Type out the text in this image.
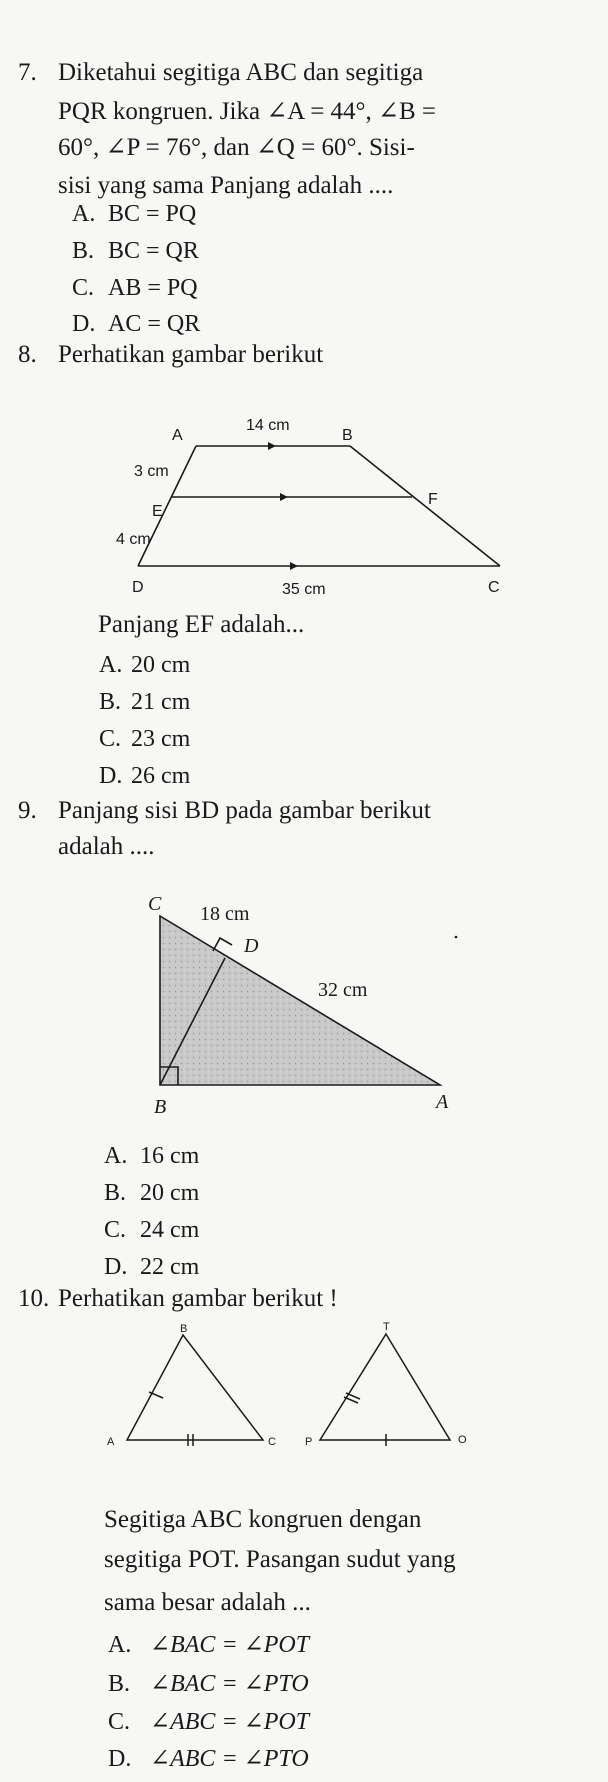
7. Diketahui segitiga ABC dan segitiga
PQR kongruen. Jika ∠A = 44°, ∠B =
60°, ∠P = 76°, dan ∠Q = 60°. Sisi-
sisi yang sama Panjang adalah ....
A. BC = PQ
B. BC = QR
C. AB = PQ
D. AC = QR
8. Perhatikan gambar berikut
A
14 cm
B
3 cm
E
F
4 cm
D	35 cm	C
Panjang EF adalah...
A. 20 cm
B. 21 cm
C. 23 cm
D. 26 cm
9. Panjang sisi BD pada gambar berikut
adalah ....
C 18 cm
D
32 cm
B	A
A. 16 cm
B. 20 cm
C. 24 cm
D. 22 cm
10. Perhatikan gambar berikut !
B
A	C
T
P	O
Segitiga ABC kongruen dengan
segitiga POT. Pasangan sudut yang
sama besar adalah ...
A. ∠BAC = ∠POT
B. ∠BAC = ∠PTO
C. ∠ABC = ∠POT
D. ∠ABC = ∠PTO
